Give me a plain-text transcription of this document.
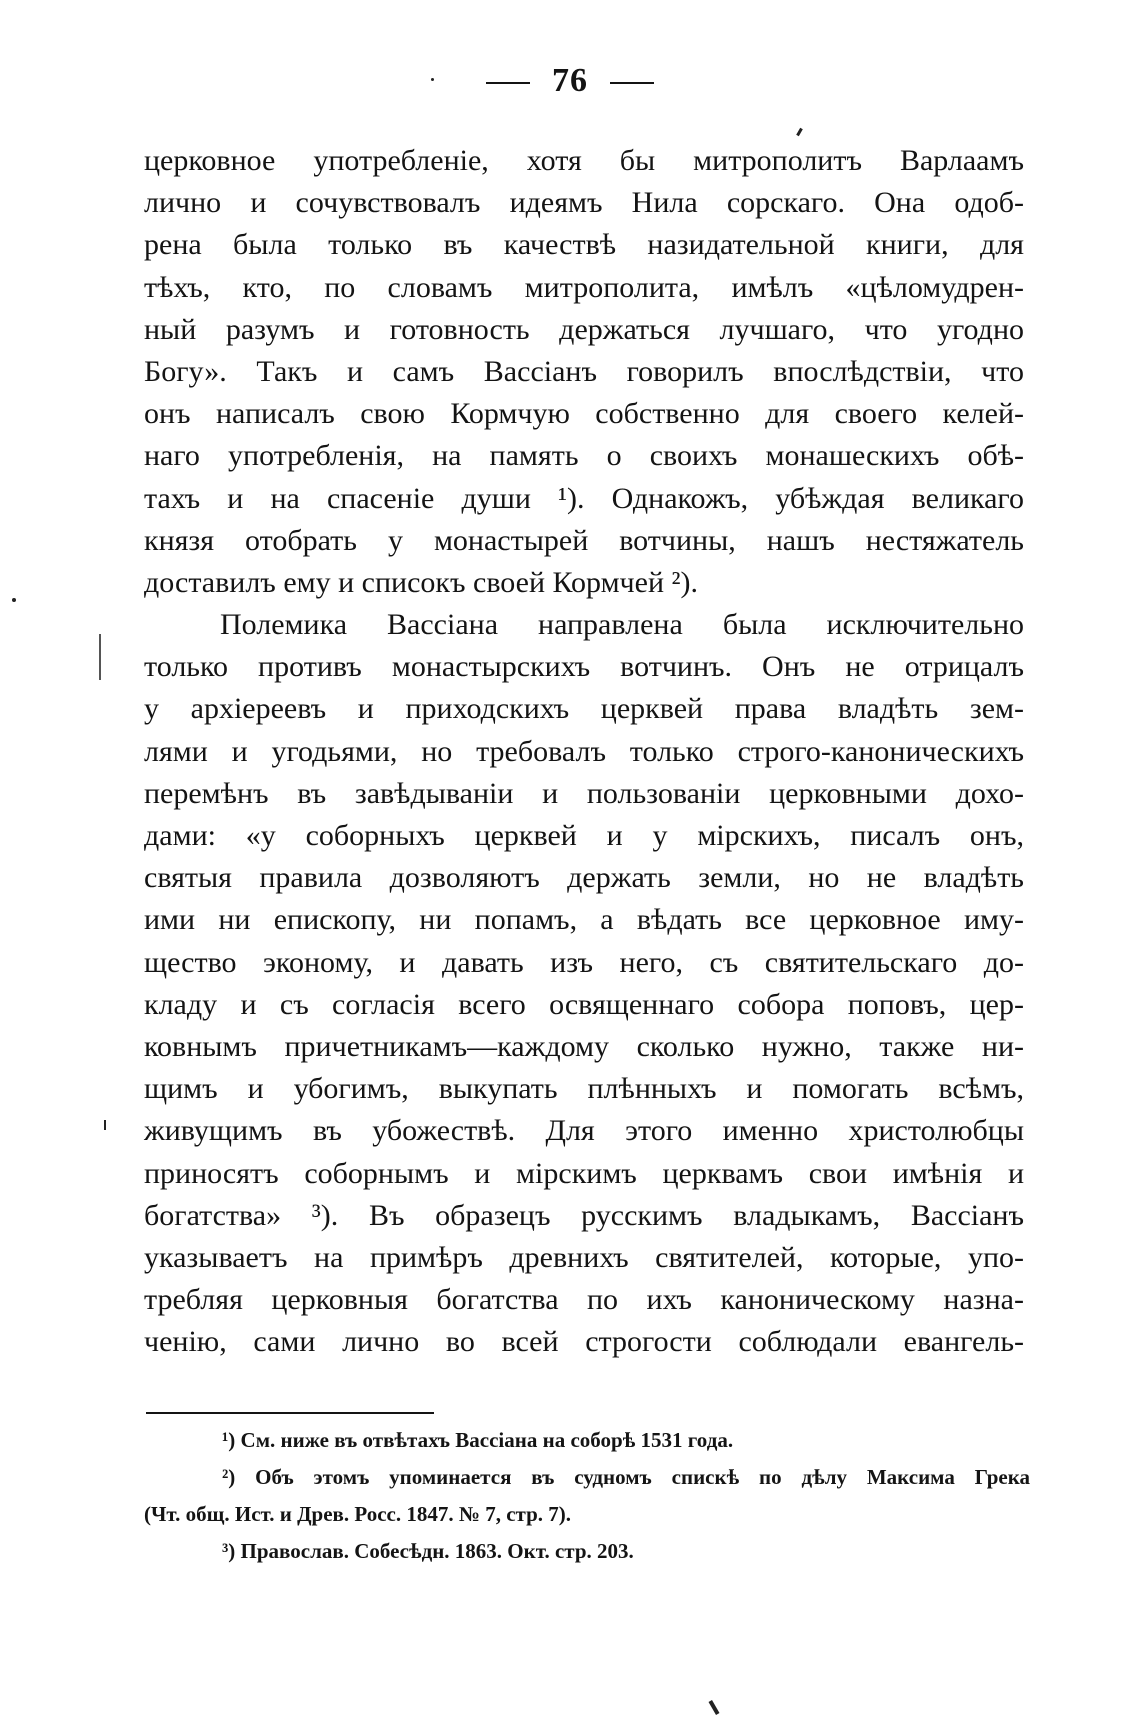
76
церковное употребленіе, хотя бы митрополитъ Варлаамъ
лично и сочувствовалъ идеямъ Нила сорскаго. Она одоб-
рена была только въ качествѣ назидательной книги, для
тѣхъ, кто, по словамъ митрополита, имѣлъ «цѣломудрен-
ный разумъ и готовность держаться лучшаго, что угодно
Богу». Такъ и самъ Вассіанъ говорилъ впослѣдствіи, что
онъ написалъ свою Кормчую собственно для своего келей-
наго употребленія, на память о своихъ монашескихъ обѣ-
тахъ и на спасеніе души ¹). Однакожъ, убѣждая великаго
князя отобрать у монастырей вотчины, нашъ нестяжатель
доставилъ ему и списокъ своей Кормчей ²).
Полемика Вассіана направлена была исключительно
только противъ монастырскихъ вотчинъ. Онъ не отрицалъ
у архіереевъ и приходскихъ церквей права владѣть зем-
лями и угодьями, но требовалъ только строго-каноническихъ
перемѣнъ въ завѣдываніи и пользованіи церковными дохо-
дами: «у соборныхъ церквей и у мірскихъ, писалъ онъ,
святыя правила дозволяютъ держать земли, но не владѣть
ими ни епископу, ни попамъ, а вѣдать все церковное иму-
щество эконому, и давать изъ него, съ святительскаго до-
кладу и съ согласія всего освященнаго собора поповъ, цер-
ковнымъ причетникамъ—каждому сколько нужно, также ни-
щимъ и убогимъ, выкупать плѣнныхъ и помогать всѣмъ,
живущимъ въ убожествѣ. Для этого именно христолюбцы
приносятъ соборнымъ и мірскимъ церквамъ свои имѣнія и
богатства» ³). Въ образецъ русскимъ владыкамъ, Вассіанъ
указываетъ на примѣръ древнихъ святителей, которые, упо-
требляя церковныя богатства по ихъ каноническому назна-
ченію, сами лично во всей строгости соблюдали евангель-
¹) См. ниже въ отвѣтахъ Вассіана на соборѣ 1531 года.
²) Объ этомъ упоминается въ судномъ спискѣ по дѣлу Максима Грека
(Чт. общ. Ист. и Древ. Росс. 1847. № 7, стр. 7).
³) Православ. Собесѣдн. 1863. Окт. стр. 203.
